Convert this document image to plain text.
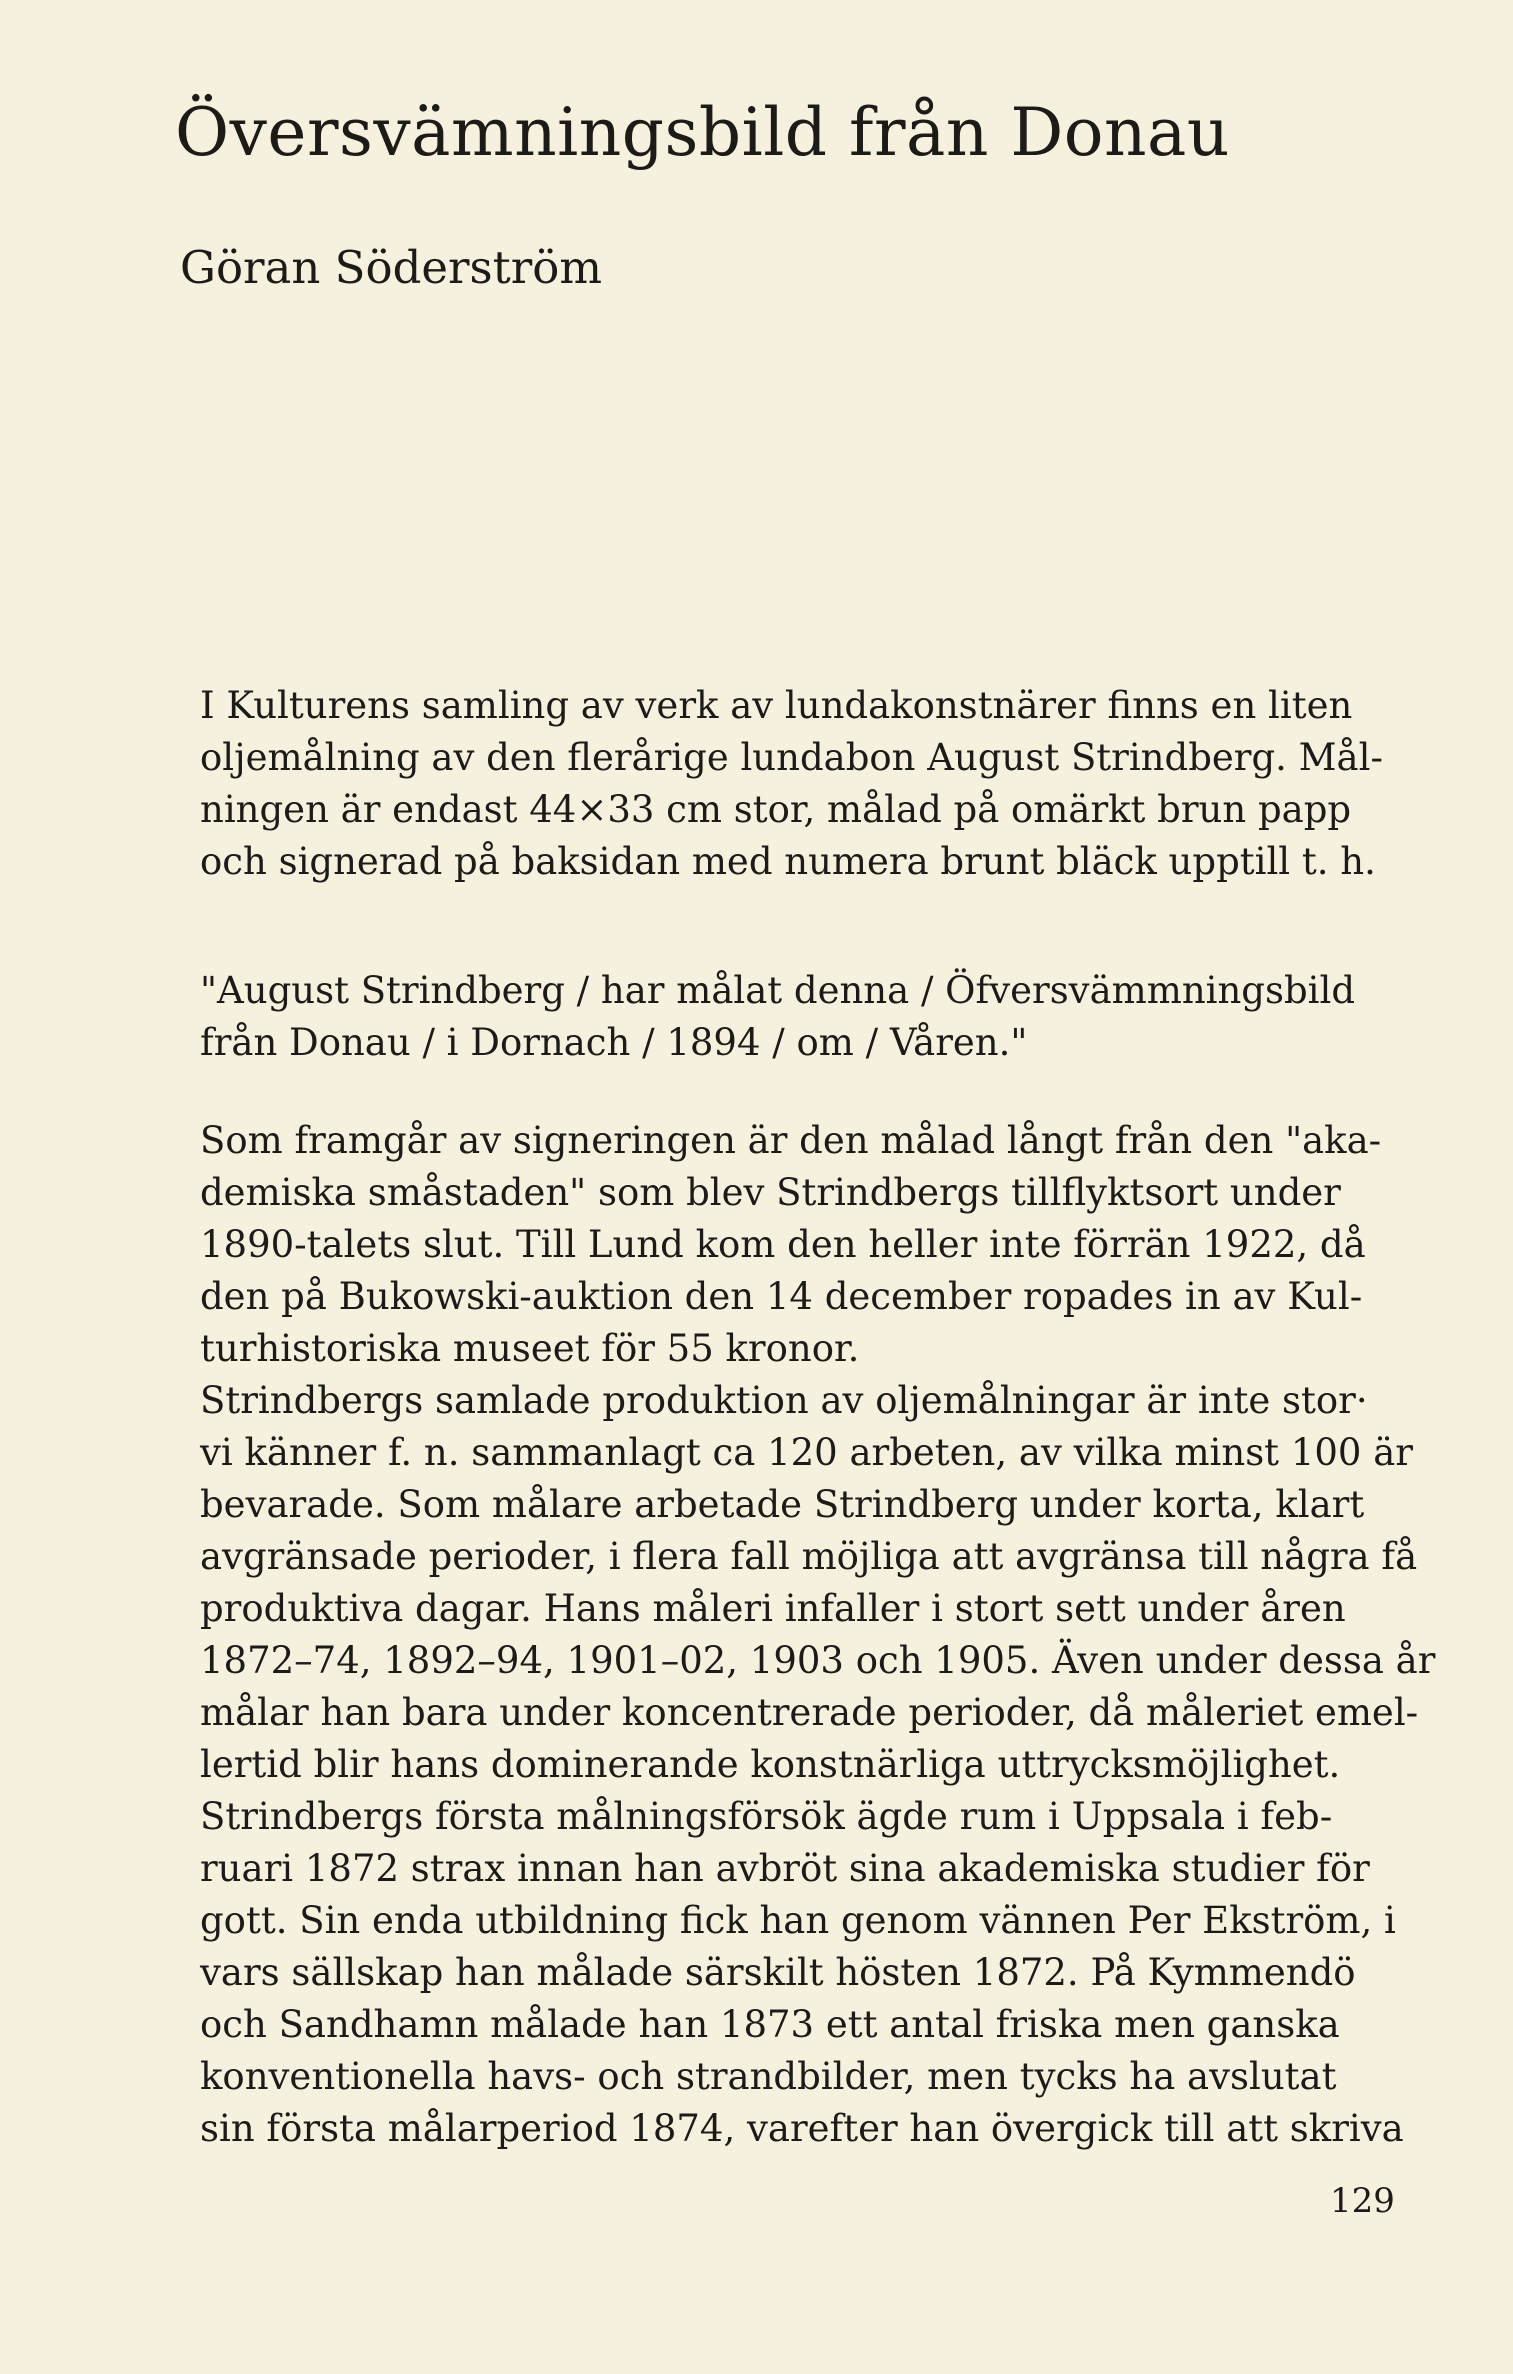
Översvämningsbild från Donau
Göran Söderström
I Kulturens samling av verk av lundakonstnärer finns en liten
oljemålning av den flerårige lundabon August Strindberg. Mål-
ningen är endast 44×33 cm stor, målad på omärkt brun papp
och signerad på baksidan med numera brunt bläck upptill t. h.
"August Strindberg / har målat denna / Öfversvämmningsbild
från Donau / i Dornach / 1894 / om / Våren."
Som framgår av signeringen är den målad långt från den "aka-
demiska småstaden" som blev Strindbergs tillflyktsort under
1890-talets slut. Till Lund kom den heller inte förrän 1922, då
den på Bukowski-auktion den 14 december ropades in av Kul-
turhistoriska museet för 55 kronor.
Strindbergs samlade produktion av oljemålningar är inte stor·
vi känner f. n. sammanlagt ca 120 arbeten, av vilka minst 100 är
bevarade. Som målare arbetade Strindberg under korta, klart
avgränsade perioder, i flera fall möjliga att avgränsa till några få
produktiva dagar. Hans måleri infaller i stort sett under åren
1872–74, 1892–94, 1901–02, 1903 och 1905. Även under dessa år
målar han bara under koncentrerade perioder, då måleriet emel-
lertid blir hans dominerande konstnärliga uttrycksmöjlighet.
Strindbergs första målningsförsök ägde rum i Uppsala i feb-
ruari 1872 strax innan han avbröt sina akademiska studier för
gott. Sin enda utbildning fick han genom vännen Per Ekström, i
vars sällskap han målade särskilt hösten 1872. På Kymmendö
och Sandhamn målade han 1873 ett antal friska men ganska
konventionella havs- och strandbilder, men tycks ha avslutat
sin första målarperiod 1874, varefter han övergick till att skriva
129
